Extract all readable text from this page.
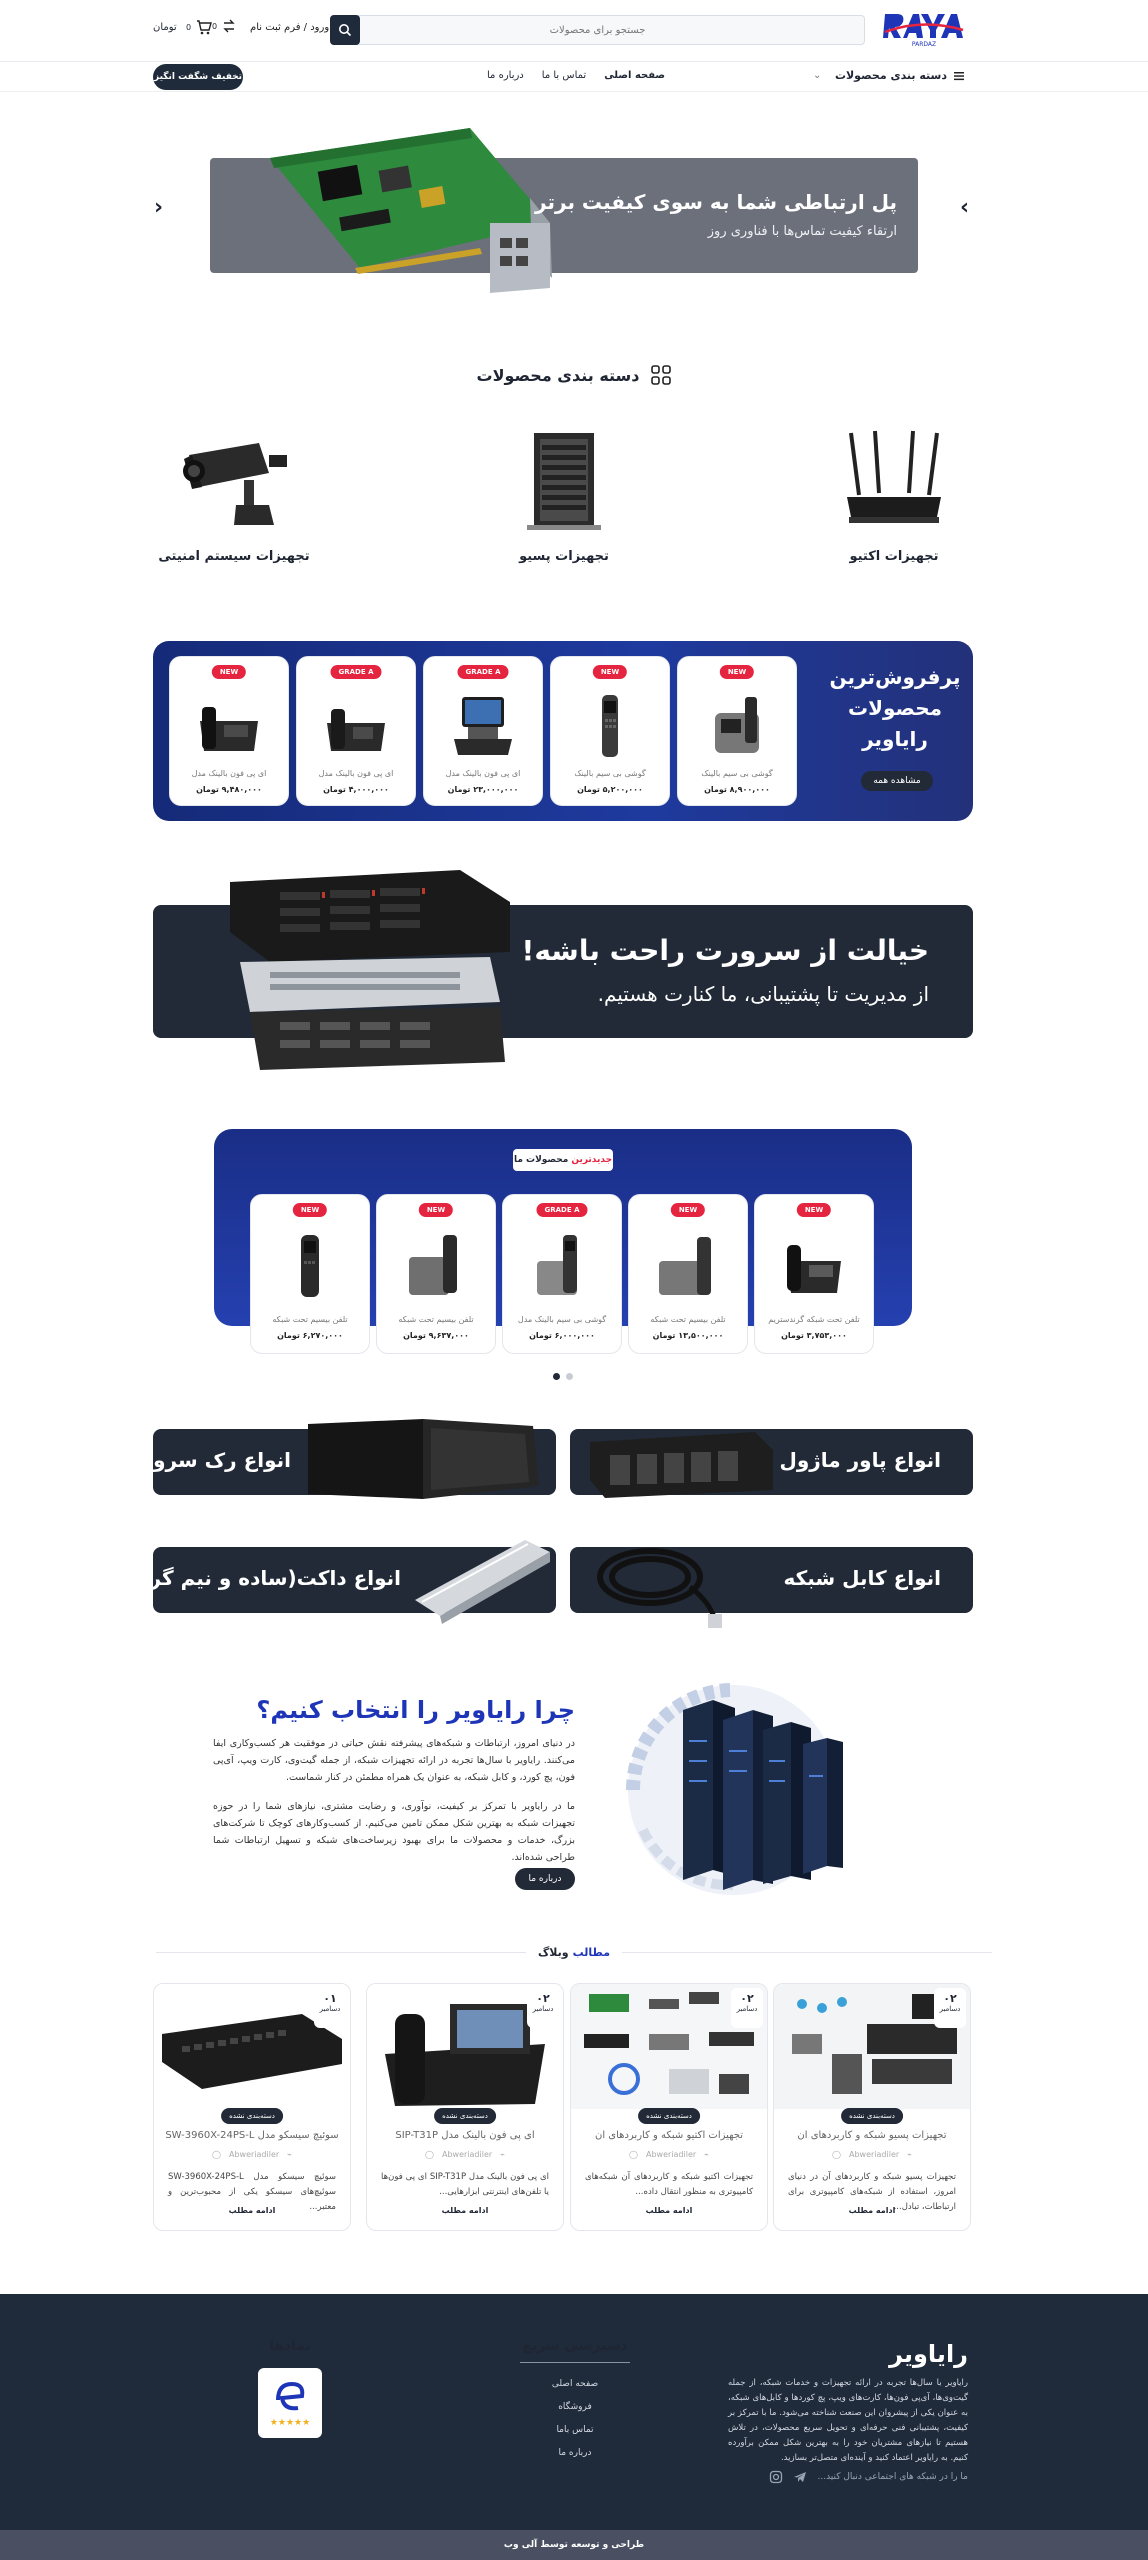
PARDAZ
جستجو برای محصولات
ورود / فرم ثبت نام
0
0
تومان
دسته بندی محصولات
⌄
صفحه اصلی
تماس با ما
درباره ما
تخفیف شگفت انگیز
‹	›
پل ارتباطی شما به سوی کیفیت برتر
ارتقاء کیفیت تماس‌ها با فناوری روز
دسته بندی محصولات
تجهیزات اکتیو
تجهیزات پسیو
تجهیزات سیستم امنیتی
پرفروش‌ترین
محصولات
رایاویر
مشاهده همه
NEW
گوشی بی سیم بالینک
۸,۹۰۰,۰۰۰ تومان
NEW
گوشی بی سیم بالینک
۵,۲۰۰,۰۰۰ تومان
GRADE A
ای پی فون بالینک مدل
۲۳,۰۰۰,۰۰۰ تومان
GRADE A
ای پی فون بالینک مدل
۴,۰۰۰,۰۰۰ تومان
NEW
ای پی فون بالینک مدل
۹,۴۸۰,۰۰۰ تومان
خیالت از سرورت راحت باشه!
از مدیریت تا پشتیبانی، ما کنارت هستیم.
جدیدترین
محصولات ما
NEW
تلفن تحت شبکه گرندستریم
۳,۷۵۳,۰۰۰ تومان
NEW
تلفن بیسیم تحت شبکه
۱۳,۵۰۰,۰۰۰ تومان
GRADE A
گوشی بی سیم بالینک مدل
۶,۰۰۰,۰۰۰ تومان
NEW
تلفن بیسیم تحت شبکه
۹,۶۳۷,۰۰۰ تومان
NEW
تلفن بیسیم تحت شبکه
۶,۲۷۰,۰۰۰ تومان
انواع پاور ماژول
انواع رک سرور
انواع کابل شبکه
انواع داکت(ساده و نیم گرد)
چرا رایاویر را انتخاب کنیم؟

در دنیای امروز، ارتباطات و شبکه‌های پیشرفته نقش حیاتی در موفقیت هر کسب‌وکاری ایفا می‌کنند. رایاویر با سال‌ها تجربه در ارائه تجهیزات شبکه، از جمله گیت‌وی، کارت ویپ، آی‌پی فون، پچ کورد، و کابل شبکه، به عنوان یک همراه مطمئن در کنار شماست.

ما در رایاویر با تمرکز بر کیفیت، نوآوری، و رضایت مشتری، نیازهای شما را در حوزه تجهیزات شبکه به بهترین شکل ممکن تامین می‌کنیم. از کسب‌وکارهای کوچک تا شرکت‌های بزرگ، خدمات و محصولات ما برای بهبود زیرساخت‌های شبکه و تسهیل ارتباطات شما طراحی شده‌اند.

درباره ما
مطالب
وبلاگ
۰۲
دسامبر
دسته‌بندی نشده
تجهیزات پسیو شبکه و کاربردهای آن
⌁
Abweriadiler
◯
تجهیزات پسیو شبکه و کاربردهای آن در دنیای امروز، استفاده از شبکه‌های کامپیوتری برای ارتباطات، تبادل...
ادامه مطلب
۰۲
دسامبر
دسته‌بندی نشده
تجهیزات اکتیو شبکه و کاربردهای آن
⌁
Abweriadiler
◯
تجهیزات اکتیو شبکه و کاربردهای آن شبکه‌های کامپیوتری به منظور انتقال داده...
ادامه مطلب
۰۲
دسامبر
دسته‌بندی نشده
ای پی فون بالینک مدل SIP-T31P
⌁
Abweriadiler
◯
ای پی فون بالینک مدل SIP-T31P ای پی فون‌ها یا تلفن‌های اینترنتی ابزارهایی...
ادامه مطلب
۰۱
دسامبر
دسته‌بندی نشده
سوئیچ سیسکو مدل SW-3960X-24PS-L
⌁
Abweriadiler
◯
سوئیچ سیسکو مدل SW-3960X-24PS-L سوئیچ‌های سیسکو یکی از محبوب‌ترین و معتبر...
ادامه مطلب
رایاویر
رایاویر با سال‌ها تجربه در ارائه تجهیزات و خدمات شبکه، از جمله گیت‌وی‌ها، آی‌پی فون‌ها، کارت‌های ویپ، پچ کوردها و کابل‌های شبکه، به عنوان یکی از پیشروان این صنعت شناخته می‌شود. ما با تمرکز بر کیفیت، پشتیبانی فنی حرفه‌ای و تحویل سریع محصولات، در تلاش هستیم تا نیازهای مشتریان خود را به بهترین شکل ممکن برآورده کنیم. به رایاویر اعتماد کنید و آینده‌ای متصل‌تر بسازید.
ما را در شبکه های اجتماعی دنبال کنید...
دسترسی سریع
صفحه اصلی
فروشگاه
تماس باما
درباره ما
نمادها
★★★★★
طراحی و توسعه توسط آلی وب
